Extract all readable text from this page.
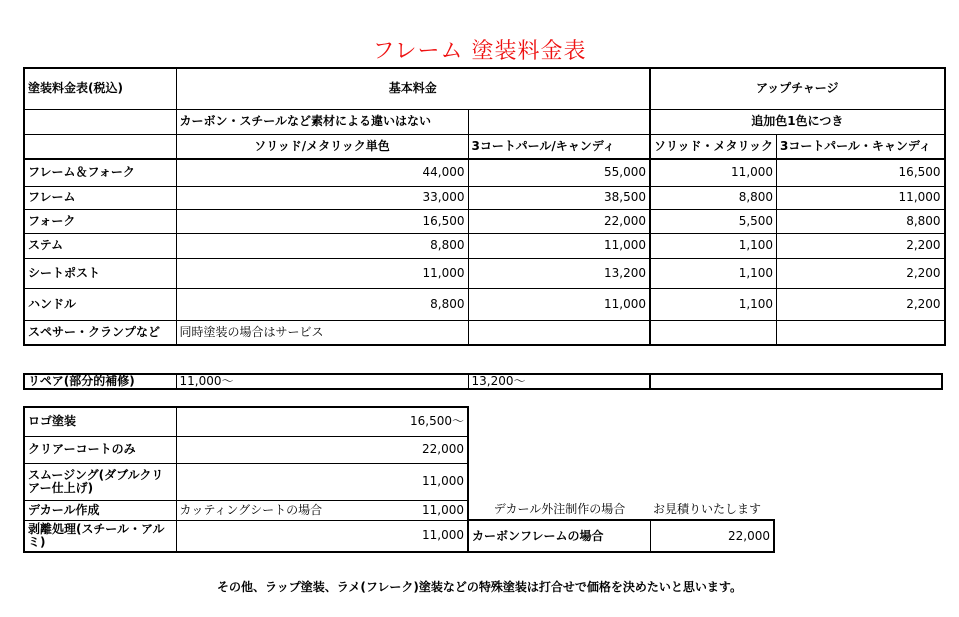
フレーム 塗装料金表
塗装料金表(税込)	基本料金		アップチャージ	
	カーボン・スチールなど素材による違いはない		追加色1色につき	
	ソリッド/メタリック単色	3コートパール/キャンディ	ソリッド・メタリック	3コートパール・キャンディ
フレーム＆フォーク	44,000	55,000	11,000	16,500
フレーム	33,000	38,500	8,800	11,000
フォーク	16,500	22,000	5,500	8,800
ステム	8,800	11,000	1,100	2,200
シートポスト	11,000	13,200	1,100	2,200
ハンドル	8,800	11,000	1,100	2,200
スペサー・クランプなど	同時塗装の場合はサービス			
リペア(部分的補修)	11,000〜	13,200〜	
ロゴ塗装	16,500〜		
クリアーコートのみ	22,000		
スムージング(ダブルクリアー仕上げ)	11,000		
デカール作成	カッティングシートの場合 11,000	デカール外注制作の場合	お見積りいたします
剥離処理(スチール・アルミ)	11,000	カーボンフレームの場合	22,000
その他、ラップ塗装、ラメ(フレーク)塗装などの特殊塗装は打合せで価格を決めたいと思います。
